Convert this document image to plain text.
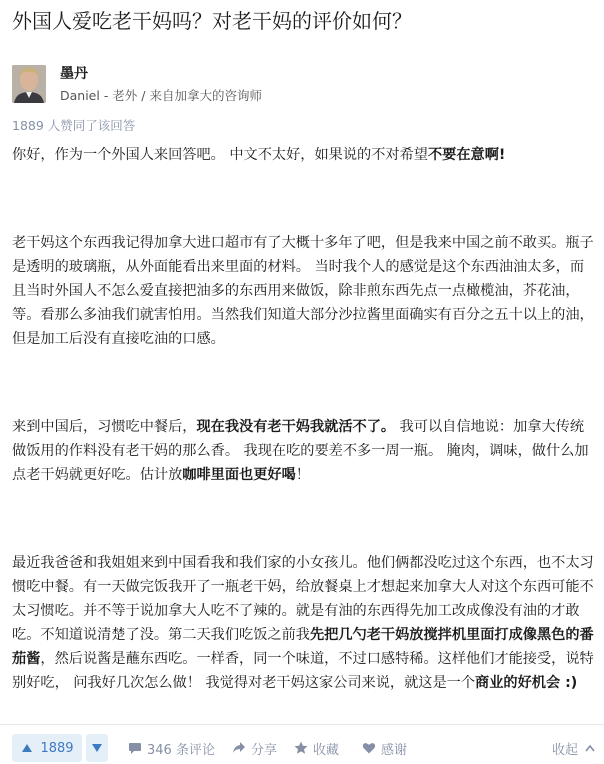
外国人爱吃老干妈吗？对老干妈的评价如何？
墨丹
Daniel - 老外 / 来自加拿大的咨询师
1889 人赞同了该回答
你好，作为一个外国人来回答吧。 中文不太好，如果说的不对希望不要在意啊!
老干妈这个东西我记得加拿大进口超市有了大概十多年了吧，但是我来中国之前不敢买。瓶子是透明的玻璃瓶，从外面能看出来里面的材料。 当时我个人的感觉是这个东西油油太多，而且当时外国人不怎么爱直接把油多的东西用来做饭，除非煎东西先点一点橄榄油，芥花油，等。看那么多油我们就害怕用。当然我们知道大部分沙拉酱里面确实有百分之五十以上的油，但是加工后没有直接吃油的口感。
来到中国后，习惯吃中餐后，现在我没有老干妈我就活不了。 我可以自信地说：加拿大传统做饭用的作料没有老干妈的那么香。 我现在吃的要差不多一周一瓶。 腌肉，调味，做什么加点老干妈就更好吃。估计放咖啡里面也更好喝！
最近我爸爸和我姐姐来到中国看我和我们家的小女孩儿。他们俩都没吃过这个东西，也不太习惯吃中餐。有一天做完饭我开了一瓶老干妈，给放餐桌上才想起来加拿大人对这个东西可能不太习惯吃。并不等于说加拿大人吃不了辣的。就是有油的东西得先加工改成像没有油的才敢吃。不知道说清楚了没。第二天我们吃饭之前我先把几勺老干妈放搅拌机里面打成像黑色的番茄酱，然后说酱是蘸东西吃。一样香，同一个味道，不过口感特稀。这样他们才能接受，说特别好吃， 问我好几次怎么做！ 我觉得对老干妈这家公司来说，就这是一个商业的好机会 :)
1889	346 条评论	分享	收藏	感谢	收起
